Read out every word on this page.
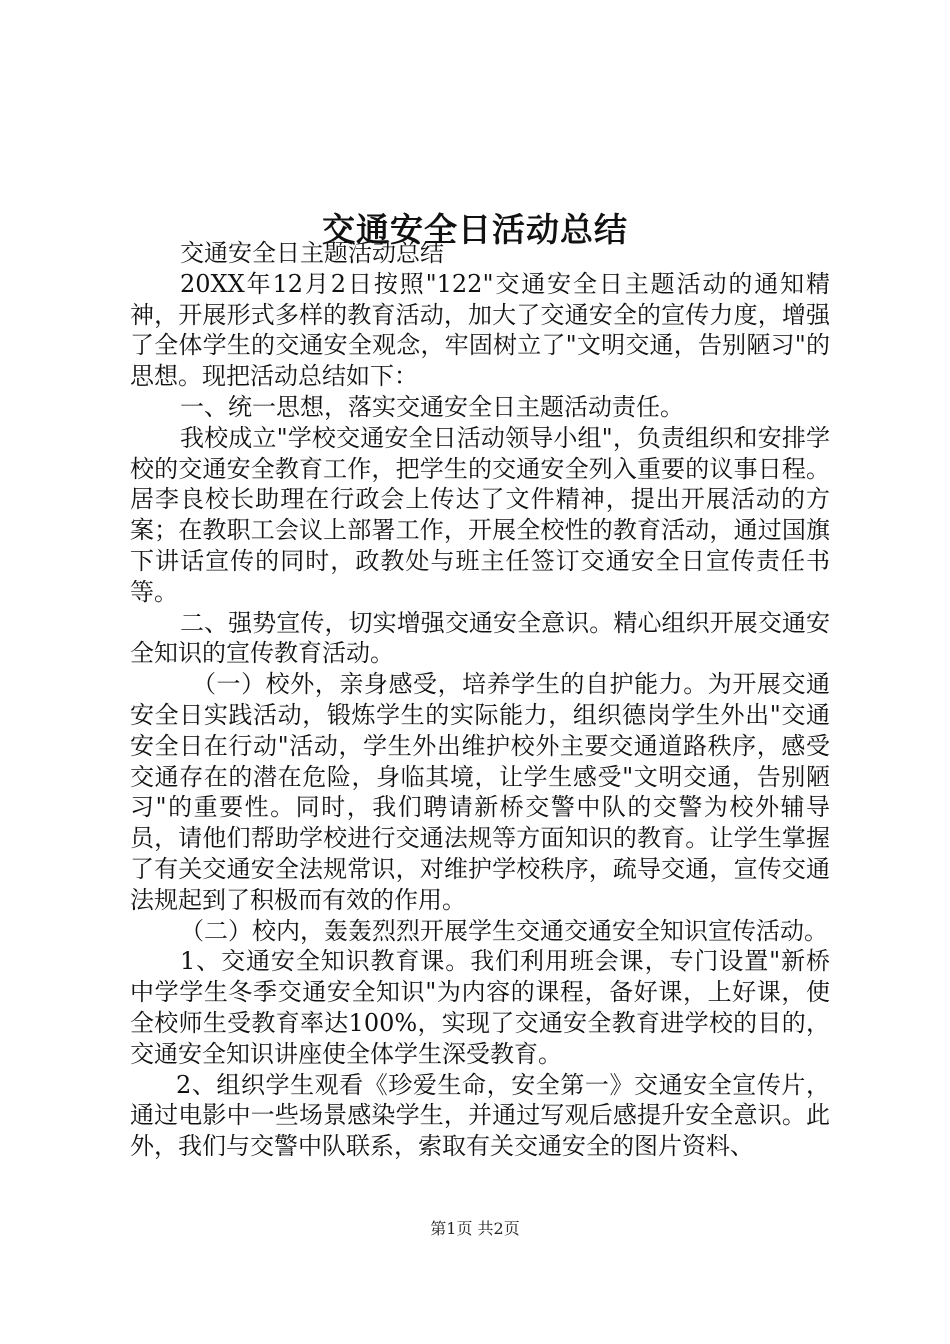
交通安全日活动总结

交通安全日主题活动总结

20XX年12月2日按照"122"交通安全日主题活动的通知精神，开展形式多样的教育活动，加大了交通安全的宣传力度，增强了全体学生的交通安全观念，牢固树立了"文明交通，告别陋习"的思想。现把活动总结如下：

一、统一思想，落实交通安全日主题活动责任。

我校成立"学校交通安全日活动领导小组"，负责组织和安排学校的交通安全教育工作，把学生的交通安全列入重要的议事日程。居李良校长助理在行政会上传达了文件精神，提出开展活动的方案；在教职工会议上部署工作，开展全校性的教育活动，通过国旗下讲话宣传的同时，政教处与班主任签订交通安全日宣传责任书等。

二、强势宣传，切实增强交通安全意识。精心组织开展交通安全知识的宣传教育活动。

（一）校外，亲身感受，培养学生的自护能力。为开展交通安全日实践活动，锻炼学生的实际能力，组织德岗学生外出"交通安全日在行动"活动，学生外出维护校外主要交通道路秩序，感受交通存在的潜在危险，身临其境，让学生感受"文明交通，告别陋习"的重要性。同时，我们聘请新桥交警中队的交警为校外辅导员，请他们帮助学校进行交通法规等方面知识的教育。让学生掌握了有关交通安全法规常识，对维护学校秩序，疏导交通，宣传交通法规起到了积极而有效的作用。

（二）校内，轰轰烈烈开展学生交通交通安全知识宣传活动。

1、交通安全知识教育课。我们利用班会课，专门设置"新桥中学学生冬季交通安全知识"为内容的课程，备好课，上好课，使全校师生受教育率达100%，实现了交通安全教育进学校的目的，交通安全知识讲座使全体学生深受教育。

2、组织学生观看《珍爱生命，安全第一》交通安全宣传片，通过电影中一些场景感染学生，并通过写观后感提升安全意识。此外，我们与交警中队联系，索取有关交通安全的图片资料、

第1页 共2页
